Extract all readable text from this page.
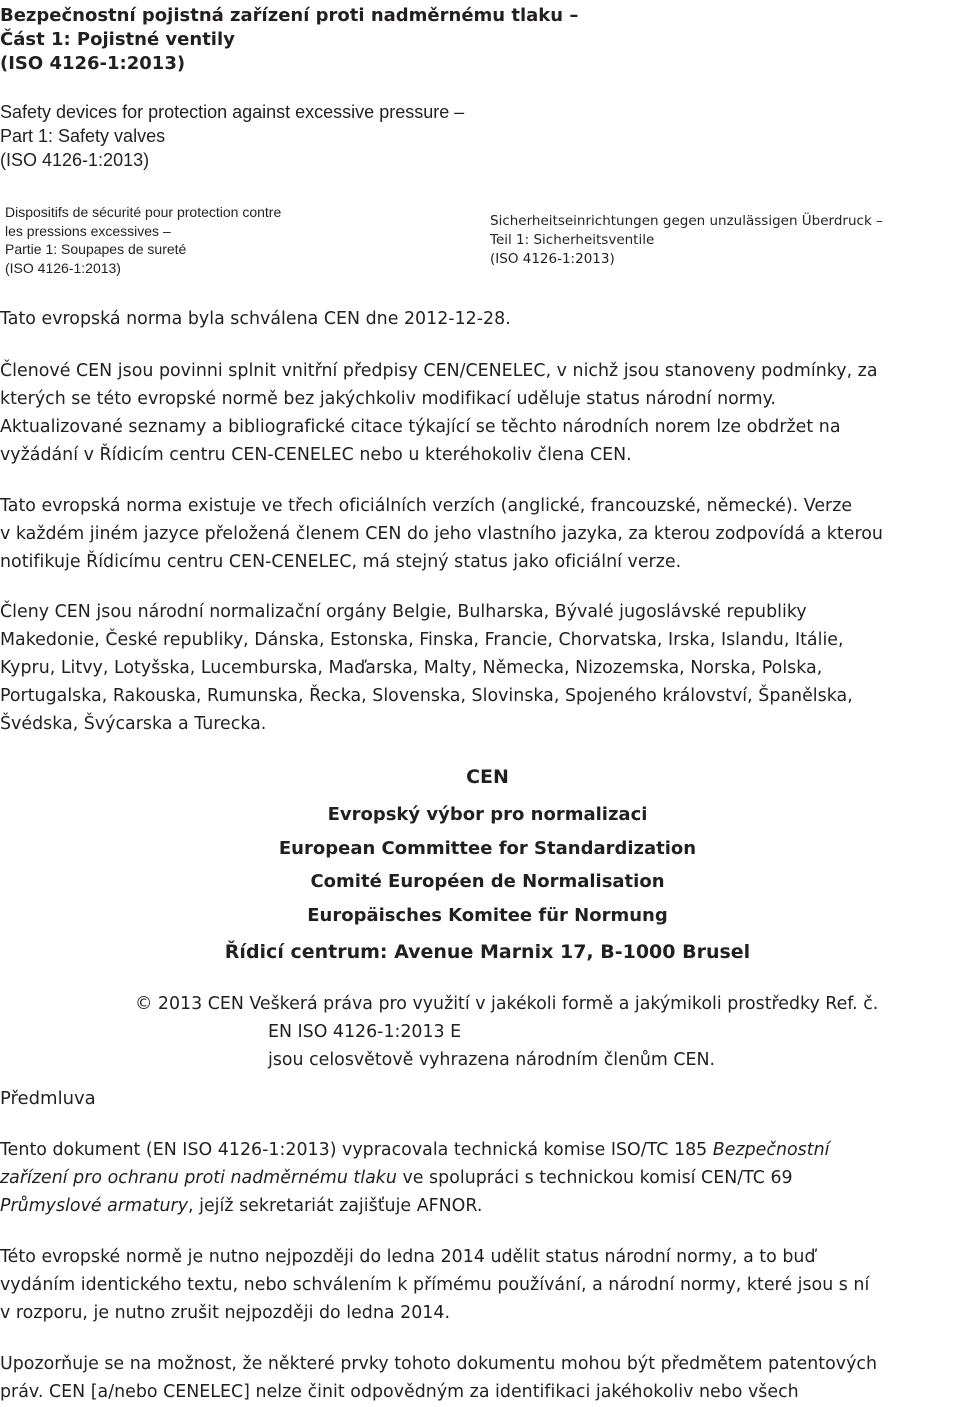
Bezpečnostní pojistná zařízení proti nadměrnému tlaku –
Část 1: Pojistné ventily
(ISO 4126-1:2013)
Safety devices for protection against excessive pressure –
Part 1: Safety valves
(ISO 4126-1:2013)
Dispositifs de sécurité pour protection contre
les pressions excessives –
Partie 1: Soupapes de sureté
(ISO 4126-1:2013)
Sicherheitseinrichtungen gegen unzulässigen Überdruck –
Teil 1: Sicherheitsventile
(ISO 4126-1:2013)
Tato evropská norma byla schválena CEN dne 2012-12-28.
Členové CEN jsou povinni splnit vnitřní předpisy CEN/CENELEC, v nichž jsou stanoveny podmínky, za
kterých se této evropské normě bez jakýchkoliv modifikací uděluje status národní normy.
Aktualizované seznamy a bibliografické citace týkající se těchto národních norem lze obdržet na
vyžádání v Řídicím centru CEN-CENELEC nebo u kteréhokoliv člena CEN.
Tato evropská norma existuje ve třech oficiálních verzích (anglické, francouzské, německé). Verze
v každém jiném jazyce přeložená členem CEN do jeho vlastního jazyka, za kterou zodpovídá a kterou
notifikuje Řídicímu centru CEN-CENELEC, má stejný status jako oficiální verze.
Členy CEN jsou národní normalizační orgány Belgie, Bulharska, Bývalé jugoslávské republiky
Makedonie, České republiky, Dánska, Estonska, Finska, Francie, Chorvatska, Irska, Islandu, Itálie,
Kypru, Litvy, Lotyšska, Lucemburska, Maďarska, Malty, Německa, Nizozemska, Norska, Polska,
Portugalska, Rakouska, Rumunska, Řecka, Slovenska, Slovinska, Spojeného království, Španělska,
Švédska, Švýcarska a Turecka.
CEN
Evropský výbor pro normalizaci
European Committee for Standardization
Comité Européen de Normalisation
Europäisches Komitee für Normung
Řídicí centrum: Avenue Marnix 17, B-1000 Brusel
© 2013 CEN Veškerá práva pro využití v jakékoli formě a jakýmikoli prostředky Ref. č.
EN ISO 4126-1:2013 E
jsou celosvětově vyhrazena národním členům CEN.
Předmluva
Tento dokument (EN ISO 4126-1:2013) vypracovala technická komise ISO/TC 185 Bezpečnostní
zařízení pro ochranu proti nadměrnému tlaku ve spolupráci s technickou komisí CEN/TC 69
Průmyslové armatury, jejíž sekretariát zajišťuje AFNOR.
Této evropské normě je nutno nejpozději do ledna 2014 udělit status národní normy, a to buď
vydáním identického textu, nebo schválením k přímému používání, a národní normy, které jsou s ní
v rozporu, je nutno zrušit nejpozději do ledna 2014.
Upozorňuje se na možnost, že některé prvky tohoto dokumentu mohou být předmětem patentových
práv. CEN [a/nebo CENELEC] nelze činit odpovědným za identifikaci jakéhokoliv nebo všech
